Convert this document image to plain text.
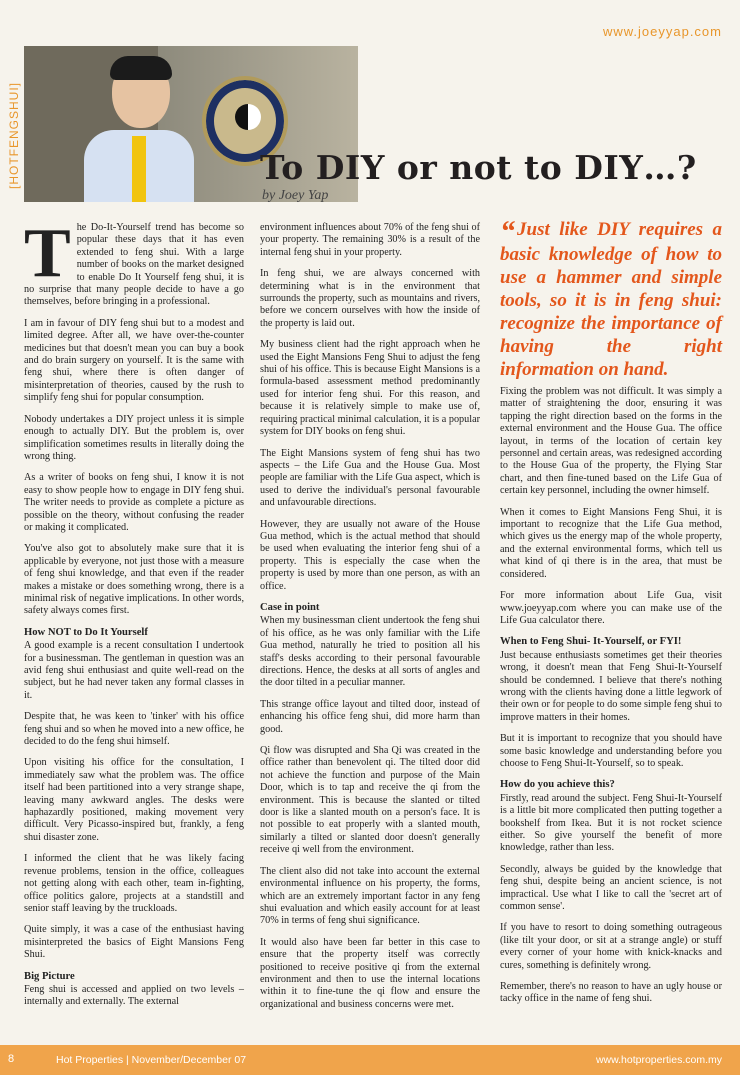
www.joeyyap.com
[HOTFENGSHUI]	To DIY or not to DIY…?
by Joey Yap

The Do-It-Yourself trend has become so popular these days that it has even extended to feng shui. With a large number of books on the market designed to enable Do It Yourself feng shui, it is no surprise that many people decide to have a go themselves, before bringing in a professional.

I am in favour of DIY feng shui but to a modest and limited degree. After all, we have over-the-counter medicines but that doesn't mean you can buy a book and do brain surgery on yourself. It is the same with feng shui, where there is often danger of misinterpretation of theories, caused by the rush to simplify feng shui for popular consumption.

Nobody undertakes a DIY project unless it is simple enough to actually DIY. But the problem is, over simplification sometimes results in literally doing the wrong thing.

As a writer of books on feng shui, I know it is not easy to show people how to engage in DIY feng shui. The writer needs to provide as complete a picture as possible on the theory, without confusing the reader or making it complicated.

You've also got to absolutely make sure that it is applicable by everyone, not just those with a measure of feng shui knowledge, and that even if the reader makes a mistake or does something wrong, there is a minimal risk of negative implications. In other words, safety always comes first.

How NOT to Do It Yourself

A good example is a recent consultation I undertook for a businessman. The gentleman in question was an avid feng shui enthusiast and quite well-read on the subject, but he had never taken any formal classes in it.

Despite that, he was keen to 'tinker' with his office feng shui and so when he moved into a new office, he decided to do the feng shui himself.

Upon visiting his office for the consultation, I immediately saw what the problem was. The office itself had been partitioned into a very strange shape, leaving many awkward angles. The desks were haphazardly positioned, making movement very difficult. Very Picasso-inspired but, frankly, a feng shui disaster zone.

I informed the client that he was likely facing revenue problems, tension in the office, colleagues not getting along with each other, team in-fighting, office politics galore, projects at a standstill and senior staff leaving by the truckloads.

Quite simply, it was a case of the enthusiast having misinterpreted the basics of Eight Mansions Feng Shui.

Big Picture

Feng shui is accessed and applied on two levels – internally and externally. The external

environment influences about 70% of the feng shui of your property. The remaining 30% is a result of the internal feng shui in your property.

In feng shui, we are always concerned with determining what is in the environment that surrounds the property, such as mountains and rivers, before we concern ourselves with how the inside of the property is laid out.

My business client had the right approach when he used the Eight Mansions Feng Shui to adjust the feng shui of his office. This is because Eight Mansions is a formula-based assessment method predominantly used for interior feng shui. For this reason, and because it is relatively simple to make use of, requiring practical minimal calculation, it is a popular system for DIY books on feng shui.

The Eight Mansions system of feng shui has two aspects – the Life Gua and the House Gua. Most people are familiar with the Life Gua aspect, which is used to derive the individual's personal favourable and unfavourable directions.

However, they are usually not aware of the House Gua method, which is the actual method that should be used when evaluating the interior feng shui of a property. This is especially the case when the property is used by more than one person, as with an office.

Case in point

When my businessman client undertook the feng shui of his office, as he was only familiar with the Life Gua method, naturally he tried to position all his staff's desks according to their personal favourable directions. Hence, the desks at all sorts of angles and the door tilted in a peculiar manner.

This strange office layout and tilted door, instead of enhancing his office feng shui, did more harm than good.

Qi flow was disrupted and Sha Qi was created in the office rather than benevolent qi. The tilted door did not achieve the function and purpose of the Main Door, which is to tap and receive the qi from the environment. This is because the slanted or tilted door is like a slanted mouth on a person's face. It is not possible to eat properly with a slanted mouth, similarly a tilted or slanted door doesn't generally receive qi well from the environment.

The client also did not take into account the external environmental influence on his property, the forms, which are an extremely important factor in any feng shui evaluation and which easily account for at least 70% in terms of feng shui significance.

It would also have been far better in this case to ensure that the property itself was correctly positioned to receive positive qi from the external environment and then to use the internal locations within it to fine-tune the qi flow and ensure the organizational and business concerns were met.

“ Just like DIY requires a basic knowledge of how to use a hammer and simple tools, so it is in feng shui: recognize the importance of having the right information on hand.

Fixing the problem was not difficult. It was simply a matter of straightening the door, ensuring it was tapping the right direction based on the forms in the external environment and the House Gua. The office layout, in terms of the location of certain key personnel and certain areas, was redesigned according to the House Gua of the property, the Flying Star chart, and then fine-tuned based on the Life Gua of certain key personnel, including the owner himself.

When it comes to Eight Mansions Feng Shui, it is important to recognize that the Life Gua method, which gives us the energy map of the whole property, and the external environmental forms, which tell us what kind of qi there is in the area, that must be considered.

For more information about Life Gua, visit www.joeyyap.com where you can make use of the Life Gua calculator there.

When to Feng Shui- It-Yourself, or FYI!

Just because enthusiasts sometimes get their theories wrong, it doesn't mean that Feng Shui-It-Yourself should be condemned. I believe that there's nothing wrong with the clients having done a little legwork of their own or for people to do some simple feng shui to improve matters in their homes.

But it is important to recognize that you should have some basic knowledge and understanding before you choose to Feng Shui-It-Yourself, so to speak.

How do you achieve this?

Firstly, read around the subject. Feng Shui-It-Yourself is a little bit more complicated then putting together a bookshelf from Ikea. But it is not rocket science either. So give yourself the benefit of more knowledge, rather than less.

Secondly, always be guided by the knowledge that feng shui, despite being an ancient science, is not impractical. Use what I like to call the 'secret art of common sense'.

If you have to resort to doing something outrageous (like tilt your door, or sit at a strange angle) or stuff every corner of your home with knick-knacks and cures, something is definitely wrong.

Remember, there's no reason to have an ugly house or tacky office in the name of feng shui.

8	Hot Properties | November/December 07	www.hotproperties.com.my
